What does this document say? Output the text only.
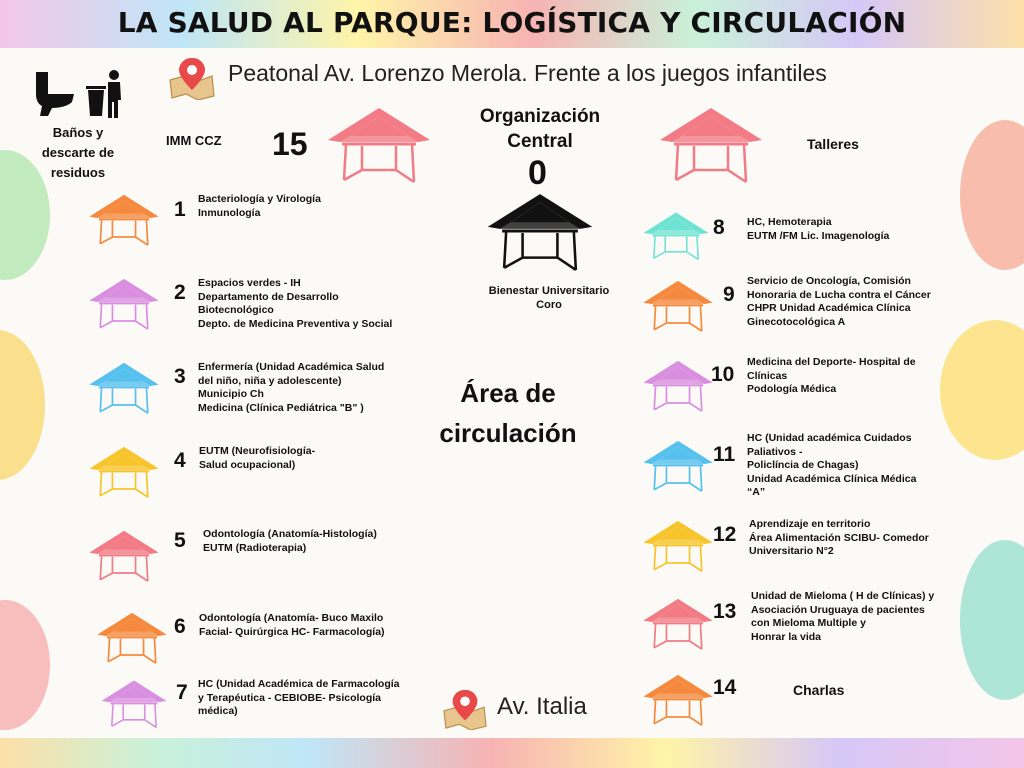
LA SALUD AL PARQUE: LOGÍSTICA Y CIRCULACIÓN
Peatonal Av. Lorenzo Merola. Frente a los juegos infantiles
Baños y
descarte de
residuos
IMM CCZ 15
Organización
Central
0
Bienestar Universitario
Coro
Talleres
Área de
circulación
1 Bacteriología y Virología
Inmunología
2 Espacios verdes - IH
Departamento de Desarrollo
Biotecnológico
Depto. de Medicina Preventiva y Social
3 Enfermería (Unidad Académica Salud
del niño, niña y adolescente)
Municipio Ch
Medicina (Clínica Pediátrica "B" )
4 EUTM (Neurofisiología-
Salud ocupacional)
5 Odontología (Anatomía-Histología)
EUTM (Radioterapia)
6 Odontología (Anatomía- Buco Maxilo
Facial- Quirúrgica HC- Farmacología)
7 HC (Unidad Académica de Farmacología
y Terapéutica - CEBIOBE- Psicología
médica)
8 HC, Hemoterapia
EUTM /FM Lic. Imagenología
9
Servicio de Oncología, Comisión
Honoraria de Lucha contra el Cáncer
CHPR Unidad Académica Clínica
Ginecotocológica A
10
Medicina del Deporte- Hospital de
Clínicas
Podología Médica
11
HC (Unidad académica Cuidados
Paliativos -
Policlíncia de Chagas)
Unidad Académica Clínica Médica
“A”
12 Aprendizaje en territorio
Área Alimentación SCIBU- Comedor
Universitario N°2
13
Unidad de Mieloma ( H de Clínicas) y
Asociación Uruguaya de pacientes
con Mieloma Multiple y
Honrar la vida
14	Charlas
Av. Italia
